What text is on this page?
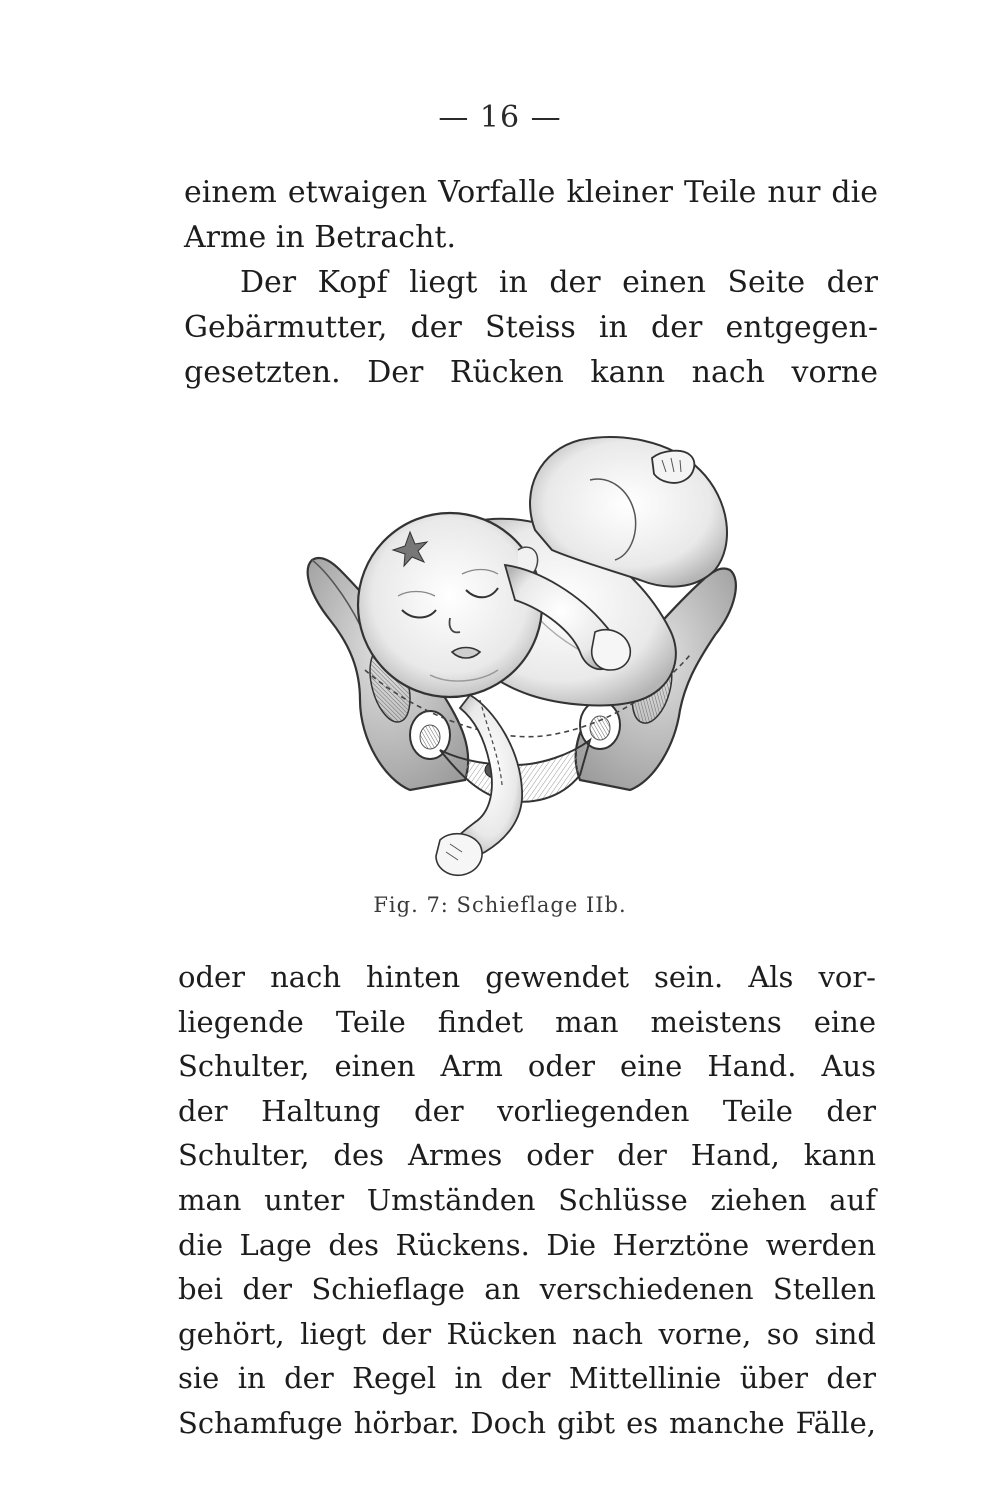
— 16 —
einem etwaigen Vorfalle kleiner Teile nur die
Arme in Betracht.
Der Kopf liegt in der einen Seite der
Gebärmutter, der Steiss in der entgegen-
gesetzten. Der Rücken kann nach vorne
Fig. 7: Schieflage IIb.
oder nach hinten gewendet sein. Als vor-
liegende Teile findet man meistens eine
Schulter, einen Arm oder eine Hand. Aus
der Haltung der vorliegenden Teile der
Schulter, des Armes oder der Hand, kann
man unter Umständen Schlüsse ziehen auf
die Lage des Rückens. Die Herztöne werden
bei der Schieflage an verschiedenen Stellen
gehört, liegt der Rücken nach vorne, so sind
sie in der Regel in der Mittellinie über der
Schamfuge hörbar. Doch gibt es manche Fälle,
